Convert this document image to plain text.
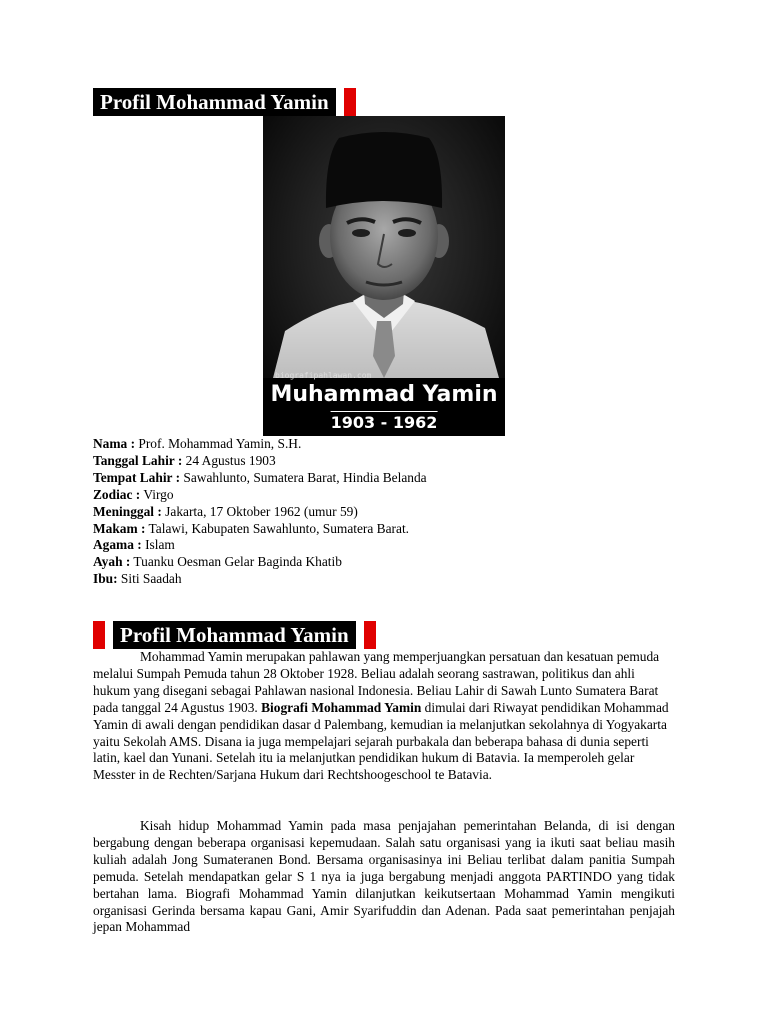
Profil Mohammad Yamin
biografipahlawan.com
Muhammad Yamin
1903 - 1962
Nama : Prof. Mohammad Yamin, S.H.
Tanggal Lahir : 24 Agustus 1903
Tempat Lahir : Sawahlunto, Sumatera Barat, Hindia Belanda
Zodiac : Virgo
Meninggal : Jakarta, 17 Oktober 1962 (umur 59)
Makam : Talawi, Kabupaten Sawahlunto, Sumatera Barat.
Agama : Islam
Ayah : Tuanku Oesman Gelar Baginda Khatib
Ibu: Siti Saadah
Profil Mohammad Yamin
Mohammad Yamin merupakan pahlawan yang memperjuangkan persatuan dan kesatuan pemuda melalui Sumpah Pemuda tahun 28 Oktober 1928. Beliau adalah seorang sastrawan, politikus dan ahli hukum yang disegani sebagai Pahlawan nasional Indonesia. Beliau Lahir di Sawah Lunto Sumatera Barat pada tanggal 24 Agustus 1903. Biografi Mohammad Yamin dimulai dari Riwayat pendidikan Mohammad Yamin di awali dengan pendidikan dasar d Palembang, kemudian ia melanjutkan sekolahnya di Yogyakarta yaitu Sekolah AMS. Disana ia juga mempelajari sejarah purbakala dan beberapa bahasa di dunia seperti latin, kael dan Yunani. Setelah itu ia melanjutkan pendidikan hukum di Batavia. Ia memperoleh gelar Messter in de Rechten/Sarjana Hukum dari Rechtshoogeschool te Batavia.
Kisah hidup Mohammad Yamin pada masa penjajahan pemerintahan Belanda, di isi dengan bergabung dengan beberapa organisasi kepemudaan. Salah satu organisasi yang ia ikuti saat beliau masih kuliah adalah Jong Sumateranen Bond. Bersama organisasinya ini Beliau terlibat dalam panitia Sumpah pemuda. Setelah mendapatkan gelar S 1 nya ia juga bergabung menjadi anggota PARTINDO yang tidak bertahan lama. Biografi Mohammad Yamin dilanjutkan keikutsertaan Mohammad Yamin mengikuti organisasi Gerinda bersama kapau Gani, Amir Syarifuddin dan Adenan. Pada saat pemerintahan penjajah jepan Mohammad
